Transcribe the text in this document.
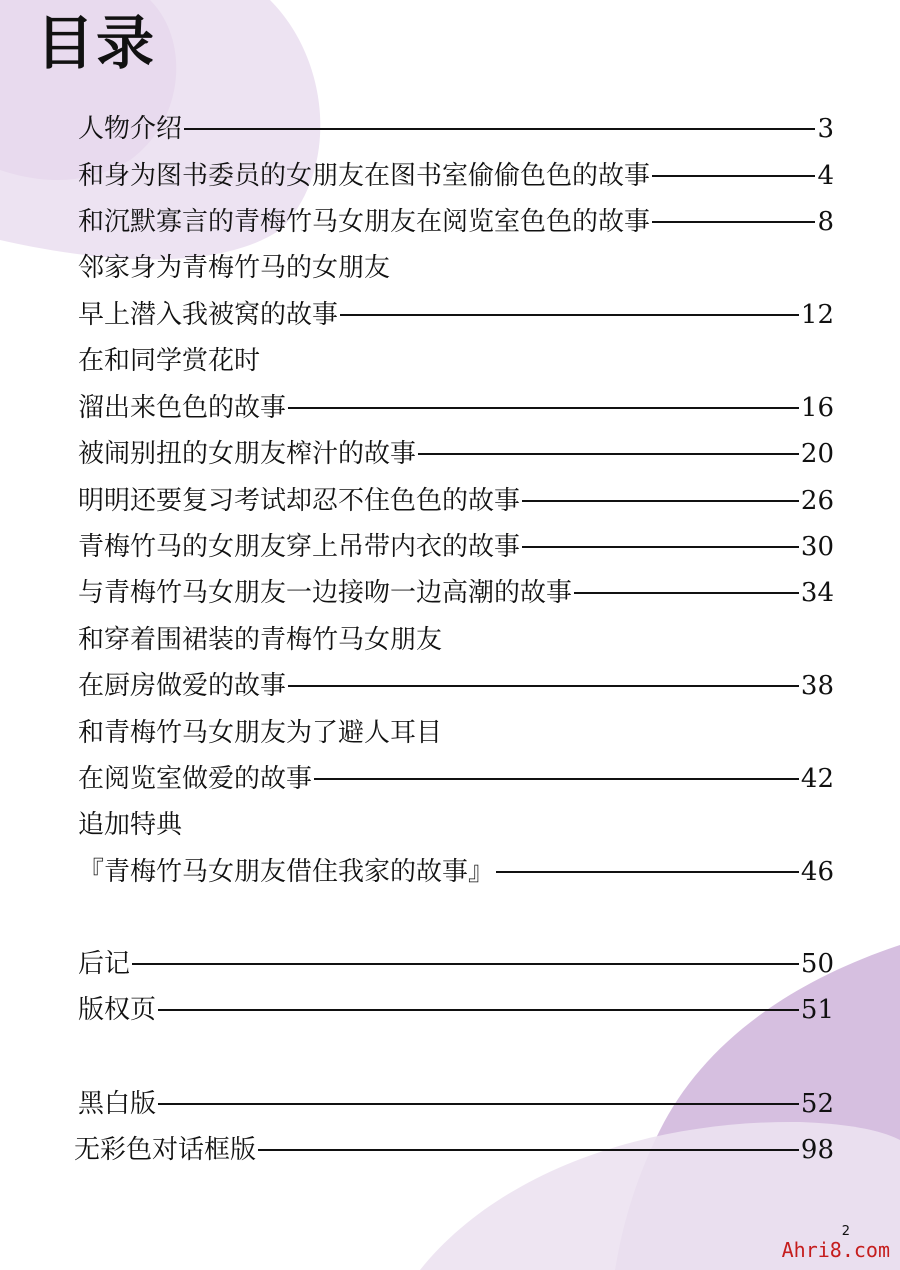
目录
人物介绍	3
和身为图书委员的女朋友在图书室偷偷色色的故事	4
和沉默寡言的青梅竹马女朋友在阅览室色色的故事	8
邻家身为青梅竹马的女朋友
早上潜入我被窝的故事	12
在和同学赏花时
溜出来色色的故事	16
被闹别扭的女朋友榨汁的故事	20
明明还要复习考试却忍不住色色的故事	26
青梅竹马的女朋友穿上吊带内衣的故事	30
与青梅竹马女朋友一边接吻一边高潮的故事	34
和穿着围裙装的青梅竹马女朋友
在厨房做爱的故事	38
和青梅竹马女朋友为了避人耳目
在阅览室做爱的故事	42
追加特典
『青梅竹马女朋友借住我家的故事』	46
后记	50
版权页	51
黑白版	52
无彩色对话框版	98
2
Ahri8.com
